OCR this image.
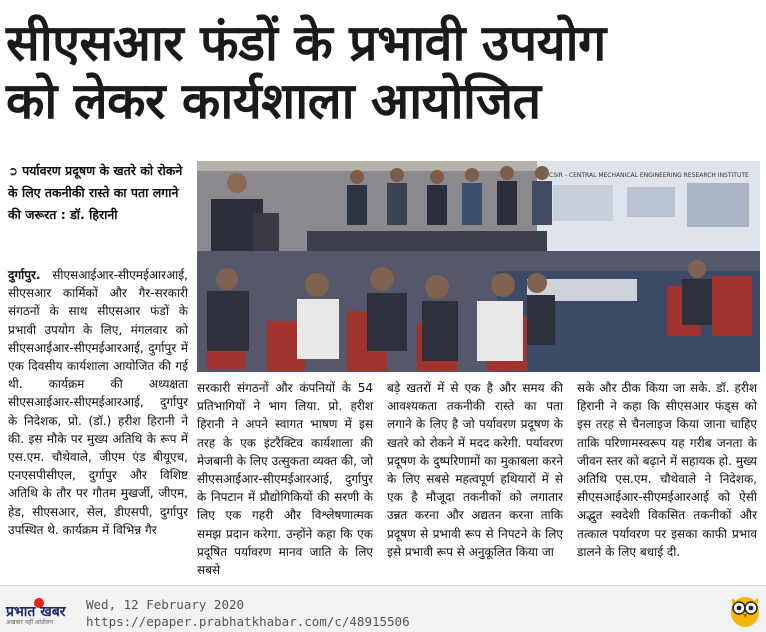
सीएसआर फंडों के प्रभावी उपयोग
को लेकर कार्यशाला आयोजित
➲ पर्यावरण प्रदूषण के खतरे को रोकने के लिए तकनीकी रास्ते का पता लगाने की जरूरत : डॉ. हिरानी
CSIR - CENTRAL MECHANICAL ENGINEERING RESEARCH INSTITUTE
दुर्गापुर. सीएसआईआर-सीएमईआरआई, सीएसआर कार्मिकों और गैर-सरकारी संगठनों के साथ सीएसआर फंडों के प्रभावी उपयोग के लिए, मंगलवार को सीएसआईआर-सीएमईआरआई, दुर्गापुर में एक दिवसीय कार्यशाला आयोजित की गई थी. कार्यक्रम की अध्यक्षता सीएसआईआर-सीएमईआरआई, दुर्गापुर के निदेशक, प्रो. (डॉ.) हरीश हिरानी ने की. इस मौके पर मुख्य अतिथि के रूप में एस.एम. चौथेवाले, जीएम एंड बीयूएच, एनएसपीसीएल, दुर्गापुर और विशिष्ट अतिथि के तौर पर गौतम मुखर्जी, जीएम, हेड, सीएसआर, सेल, डीएसपी, दुर्गापुर उपस्थित थे. कार्यक्रम में विभिन्न गैर
सरकारी संगठनों और कंपनियों के 54 प्रतिभागियों ने भाग लिया. प्रो. हरीश हिरानी ने अपने स्वागत भाषण में इस तरह के एक इंटरैक्टिव कार्यशाला की मेजबानी के लिए उत्सुकता व्यक्त की, जो सीएसआईआर-सीएमईआरआई, दुर्गापुर के निपटान में प्रौद्योगिकियों की सरणी के लिए एक गहरी और विश्लेषणात्मक समझ प्रदान करेगा. उन्होंने कहा कि एक प्रदूषित पर्यावरण मानव जाति के लिए सबसे
बड़े खतरों में से एक है और समय की आवश्यकता तकनीकी रास्ते का पता लगाने के लिए है जो पर्यावरण प्रदूषण के खतरे को रोकने में मदद करेगी. पर्यावरण प्रदूषण के दुष्परिणामों का मुकाबला करने के लिए सबसे महत्वपूर्ण हथियारों में से एक है मौजूदा तकनीकों को लगातार उन्नत करना और अद्यतन करना ताकि प्रदूषण से प्रभावी रूप से निपटने के लिए इसे प्रभावी रूप से अनुकूलित किया जा
सके और ठीक किया जा सके. डॉ. हरीश हिरानी ने कहा कि सीएसआर फंड्स को इस तरह से चैनलाइज किया जाना चाहिए ताकि परिणामस्वरूप यह गरीब जनता के जीवन स्तर को बढ़ाने में सहायक हो. मुख्य अतिथि एस.एम. चौथेवाले ने निदेशक, सीएसआईआर-सीएमईआरआई को ऐसी अद्भुत स्वदेशी विकसित तकनीकों और तत्काल पर्यावरण पर इसका काफी प्रभाव डालने के लिए बधाई दी.
प्रभात खबर
अखबार नहीं आंदोलन
Wed, 12 February 2020
https://epaper.prabhatkhabar.com/c/48915506
